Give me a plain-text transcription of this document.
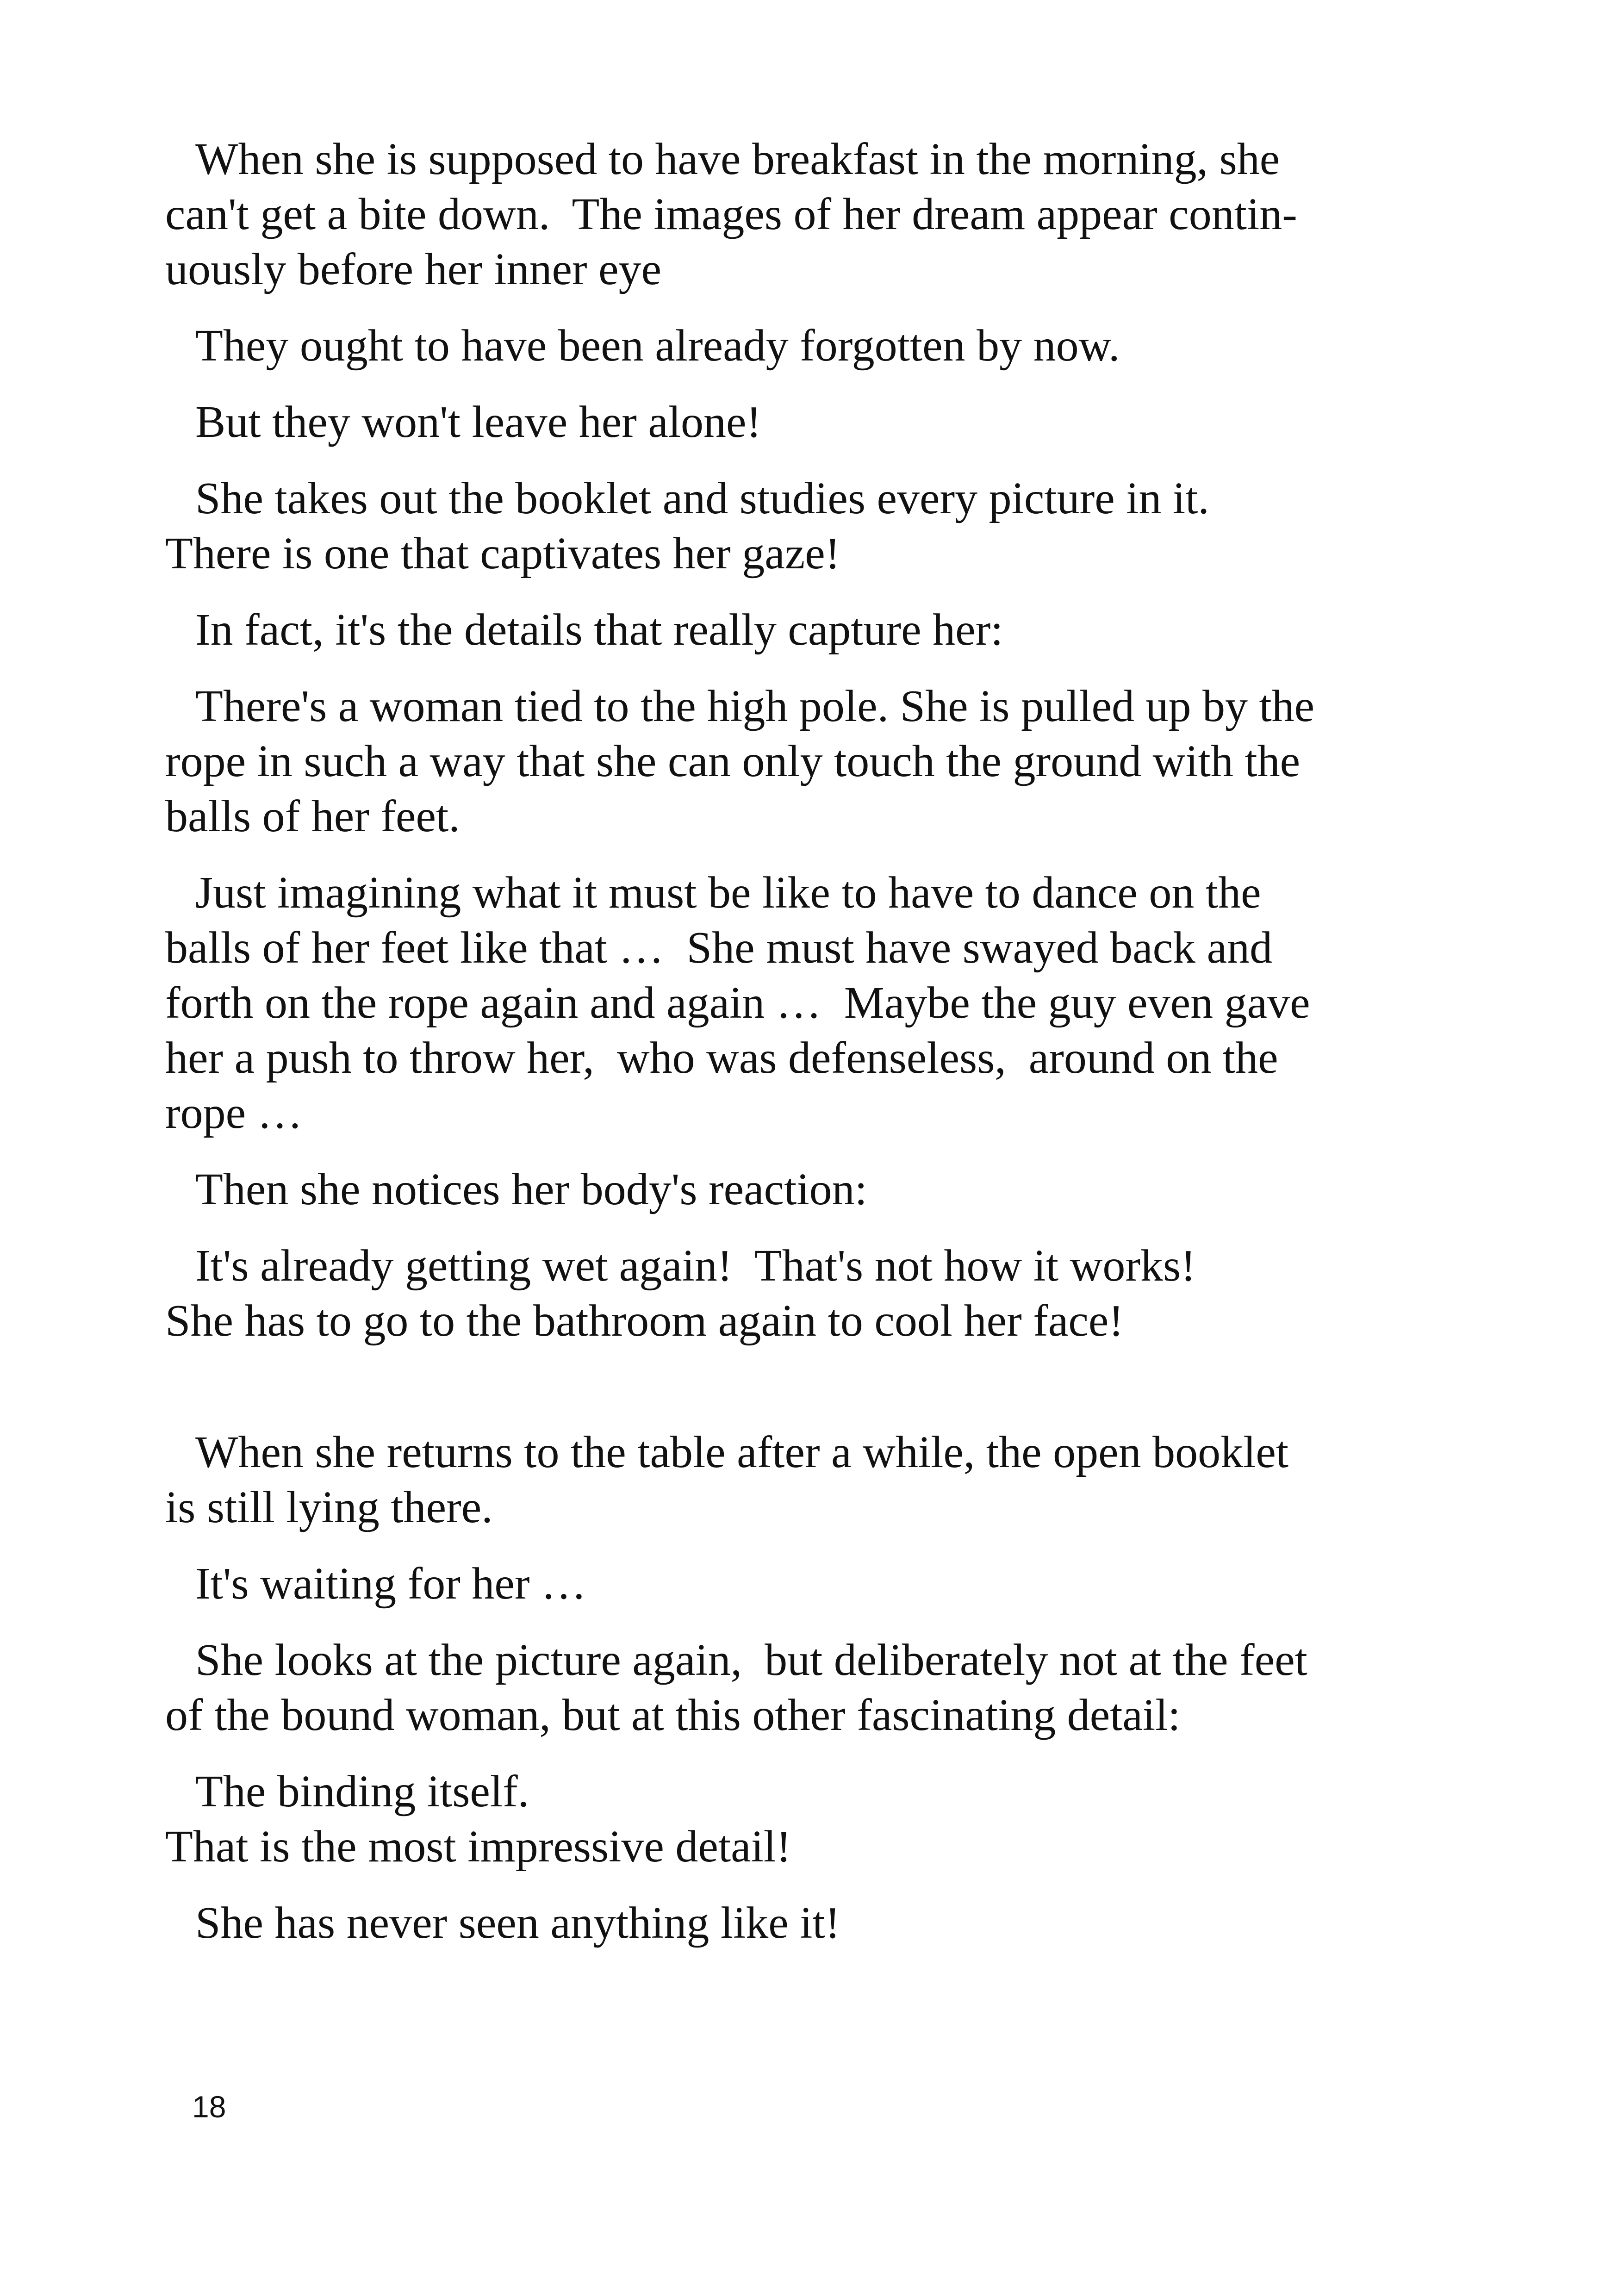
When she is supposed to have breakfast in the morning, she
can't get a bite down.  The images of her dream appear contin-
uously before her inner eye

They ought to have been already forgotten by now.

But they won't leave her alone!

She takes out the booklet and studies every picture in it.
There is one that captivates her gaze!

In fact, it's the details that really capture her:

There's a woman tied to the high pole. She is pulled up by the
rope in such a way that she can only touch the ground with the
balls of her feet.

Just imagining what it must be like to have to dance on the
balls of her feet like that …  She must have swayed back and
forth on the rope again and again …  Maybe the guy even gave
her a push to throw her,  who was defenseless,  around on the
rope …

Then she notices her body's reaction:

It's already getting wet again!  That's not how it works!
She has to go to the bathroom again to cool her face!

When she returns to the table after a while, the open booklet
is still lying there.

It's waiting for her …

She looks at the picture again,  but deliberately not at the feet
of the bound woman, but at this other fascinating detail:

The binding itself.
That is the most impressive detail!

She has never seen anything like it!

18
